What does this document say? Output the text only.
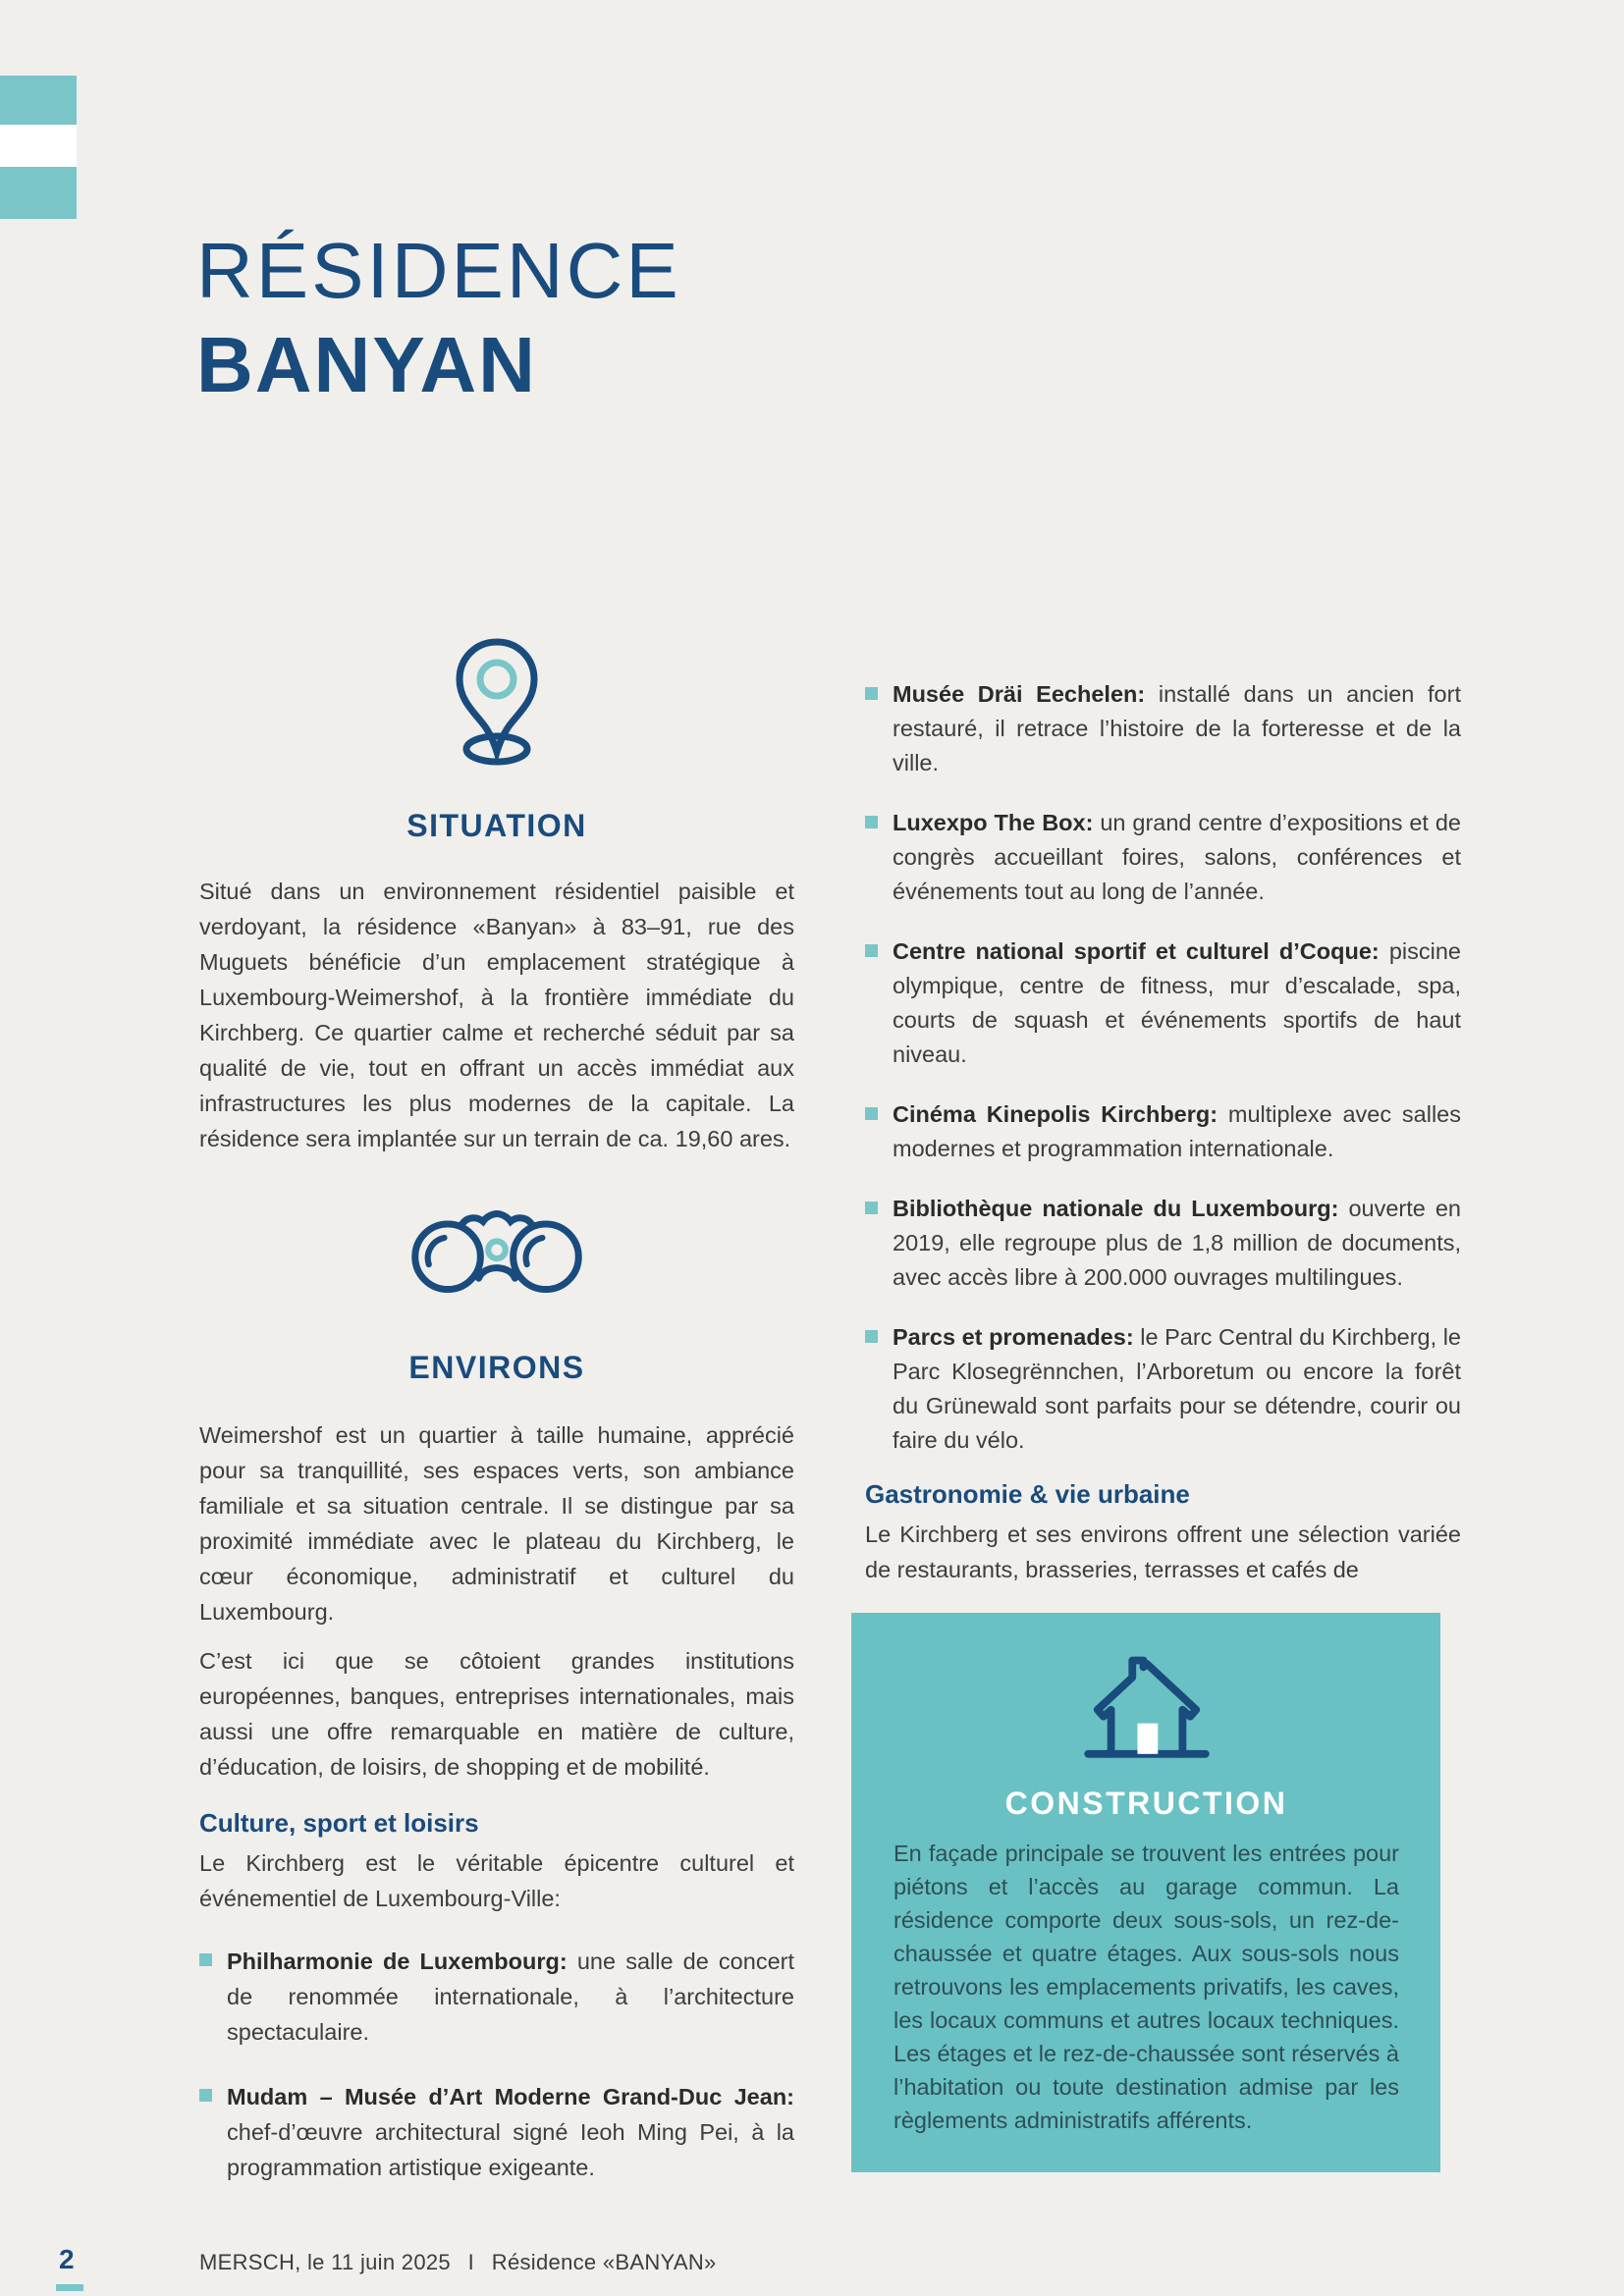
RÉSIDENCE
BANYAN
SITUATION

Situé dans un environnement résidentiel paisible et verdoyant, la résidence «Banyan» à 83–91, rue des Muguets bénéficie d’un emplacement stratégique à Luxembourg-Weimershof, à la frontière immédiate du Kirchberg. Ce quartier calme et recherché séduit par sa qualité de vie, tout en offrant un accès immédiat aux infrastructures les plus modernes de la capitale. La résidence sera implantée sur un terrain de ca. 19,60 ares.

ENVIRONS

Weimershof est un quartier à taille humaine, apprécié pour sa tranquillité, ses espaces verts, son ambiance familiale et sa situation centrale. Il se distingue par sa proximité immédiate avec le plateau du Kirchberg, le cœur économique, administratif et culturel du Luxembourg.

C’est ici que se côtoient grandes institutions européennes, banques, entreprises internationales, mais aussi une offre remarquable en matière de culture, d’éducation, de loisirs, de shopping et de mobilité.

Culture, sport et loisirs

Le Kirchberg est le véritable épicentre culturel et événementiel de Luxembourg-Ville:

Philharmonie de Luxembourg: une salle de concert de renommée internationale, à l’architecture spectaculaire.
Mudam – Musée d’Art Moderne Grand-Duc Jean: chef-d’œuvre architectural signé Ieoh Ming Pei, à la programmation artistique exigeante.
Musée Dräi Eechelen: installé dans un ancien fort restauré, il retrace l’histoire de la forteresse et de la ville.
Luxexpo The Box: un grand centre d’expositions et de congrès accueillant foires, salons, conférences et événements tout au long de l’année.
Centre national sportif et culturel d’Coque: piscine olympique, centre de fitness, mur d’escalade, spa, courts de squash et événements sportifs de haut niveau.
Cinéma Kinepolis Kirchberg: multiplexe avec salles modernes et programmation internationale.
Bibliothèque nationale du Luxembourg: ouverte en 2019, elle regroupe plus de 1,8 million de documents, avec accès libre à 200.000 ouvrages multilingues.
Parcs et promenades: le Parc Central du Kirchberg, le Parc Klosegrënnchen, l’Arboretum ou encore la forêt du Grünewald sont parfaits pour se détendre, courir ou faire du vélo.
Gastronomie & vie urbaine

Le Kirchberg et ses environs offrent une sélection variée de restaurants, brasseries, terrasses et cafés de

CONSTRUCTION

En façade principale se trouvent les entrées pour piétons et l’accès au garage commun. La résidence comporte deux sous-sols, un rez-de-chaussée et quatre étages. Aux sous-sols nous retrouvons les emplacements privatifs, les caves, les locaux communs et autres locaux techniques. Les étages et le rez-de-chaussée sont réservés à l’habitation ou toute destination admise par les règlements administratifs afférents.

2	MERSCH, le 11 juin 2025  I  Résidence «BANYAN»
